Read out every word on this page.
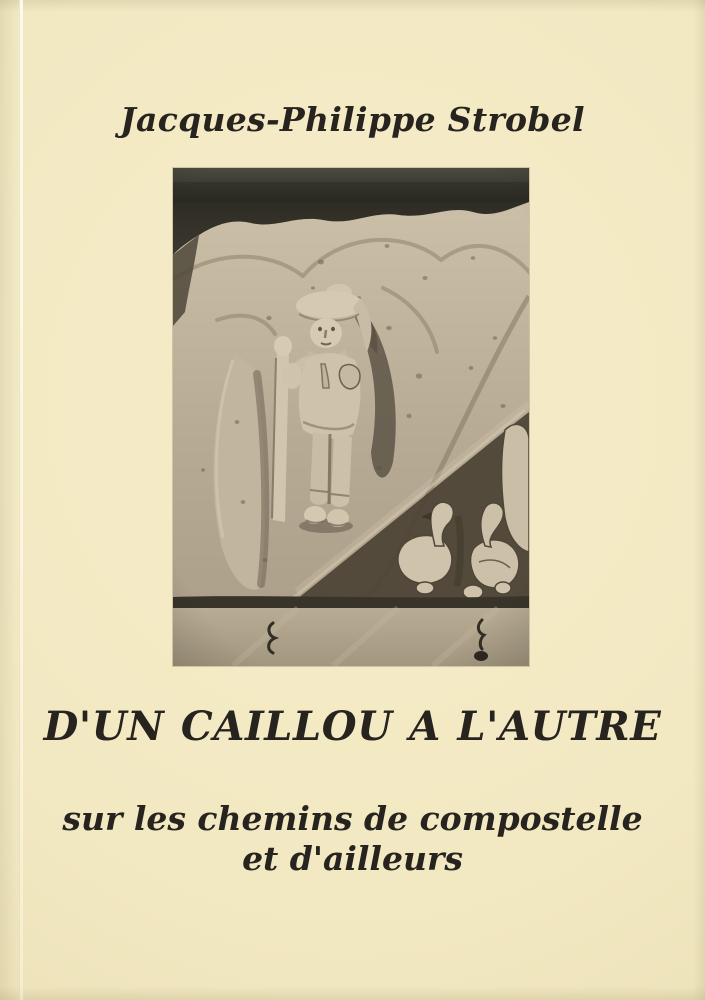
Jacques-Philippe Strobel
D'UN CAILLOU A L'AUTRE

sur les chemins de compostelle
et d'ailleurs
